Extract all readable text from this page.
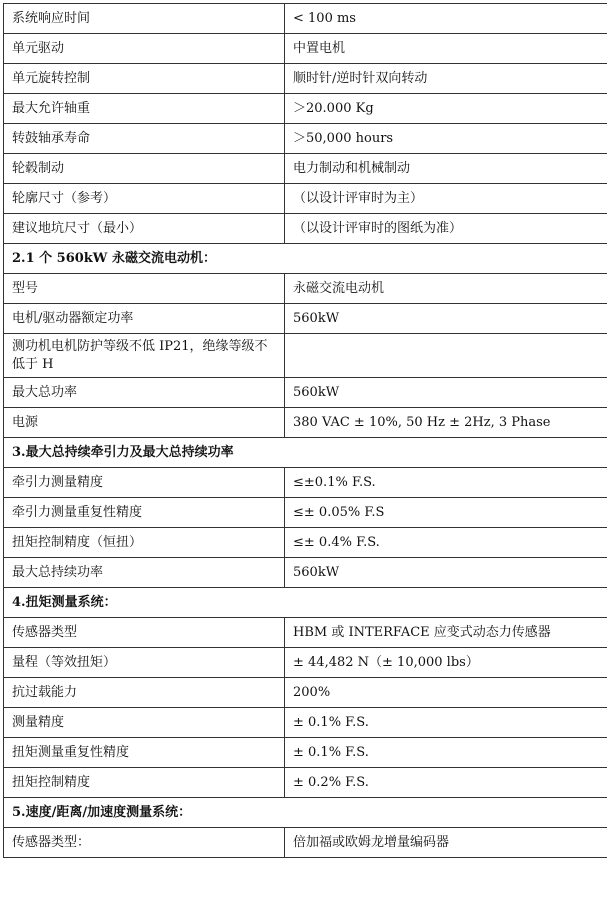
系统响应时间	< 100 ms
单元驱动	中置电机
单元旋转控制	顺时针/逆时针双向转动
最大允许轴重	＞20.000 Kg
转鼓轴承寿命	＞50,000 hours
轮毂制动	电力制动和机械制动
轮廓尺寸（参考）	（以设计评审时为主）
建议地坑尺寸（最小）	（以设计评审时的图纸为准）
2.1 个 560kW 永磁交流电动机：	
型号	永磁交流电动机
电机/驱动器额定功率	560kW
测功机电机防护等级不低 IP21，绝缘等级不低于 H	
最大总功率	560kW
电源	380 VAC ± 10%, 50 Hz ± 2Hz, 3 Phase
3.最大总持续牵引力及最大总持续功率	
牵引力测量精度	≤±0.1% F.S.
牵引力测量重复性精度	≤± 0.05% F.S
扭矩控制精度（恒扭）	≤± 0.4% F.S.
最大总持续功率	560kW
4.扭矩测量系统：	
传感器类型	HBM 或 INTERFACE 应变式动态力传感器
量程（等效扭矩）	± 44,482 N（± 10,000 lbs）
抗过载能力	200%
测量精度	± 0.1% F.S.
扭矩测量重复性精度	± 0.1% F.S.
扭矩控制精度	± 0.2% F.S.
5.速度/距离/加速度测量系统：	
传感器类型：	倍加福或欧姆龙增量编码器
